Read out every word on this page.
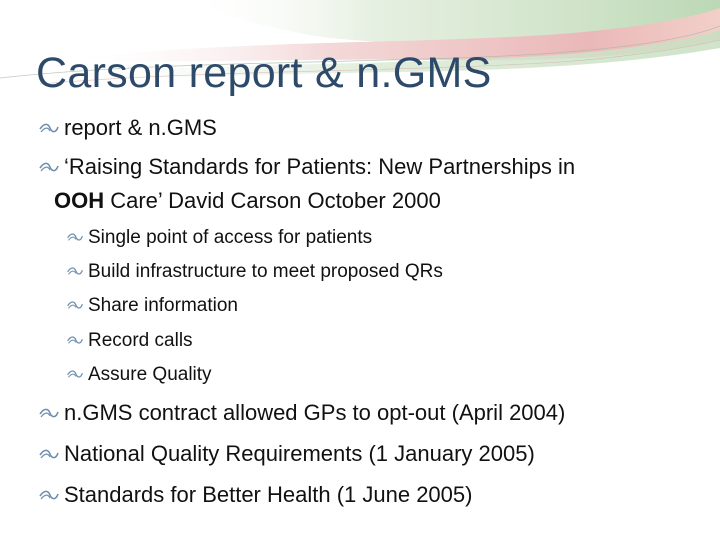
Carson report & n.GMS
report & n.GMS
‘Raising Standards for Patients: New Partnerships in
OOH Care’ David Carson October 2000
Single point of access for patients
Build infrastructure to meet proposed QRs
Share information
Record calls
Assure Quality
n.GMS contract allowed GPs to opt-out (April 2004)
National Quality Requirements (1 January 2005)
Standards for Better Health (1 June 2005)
